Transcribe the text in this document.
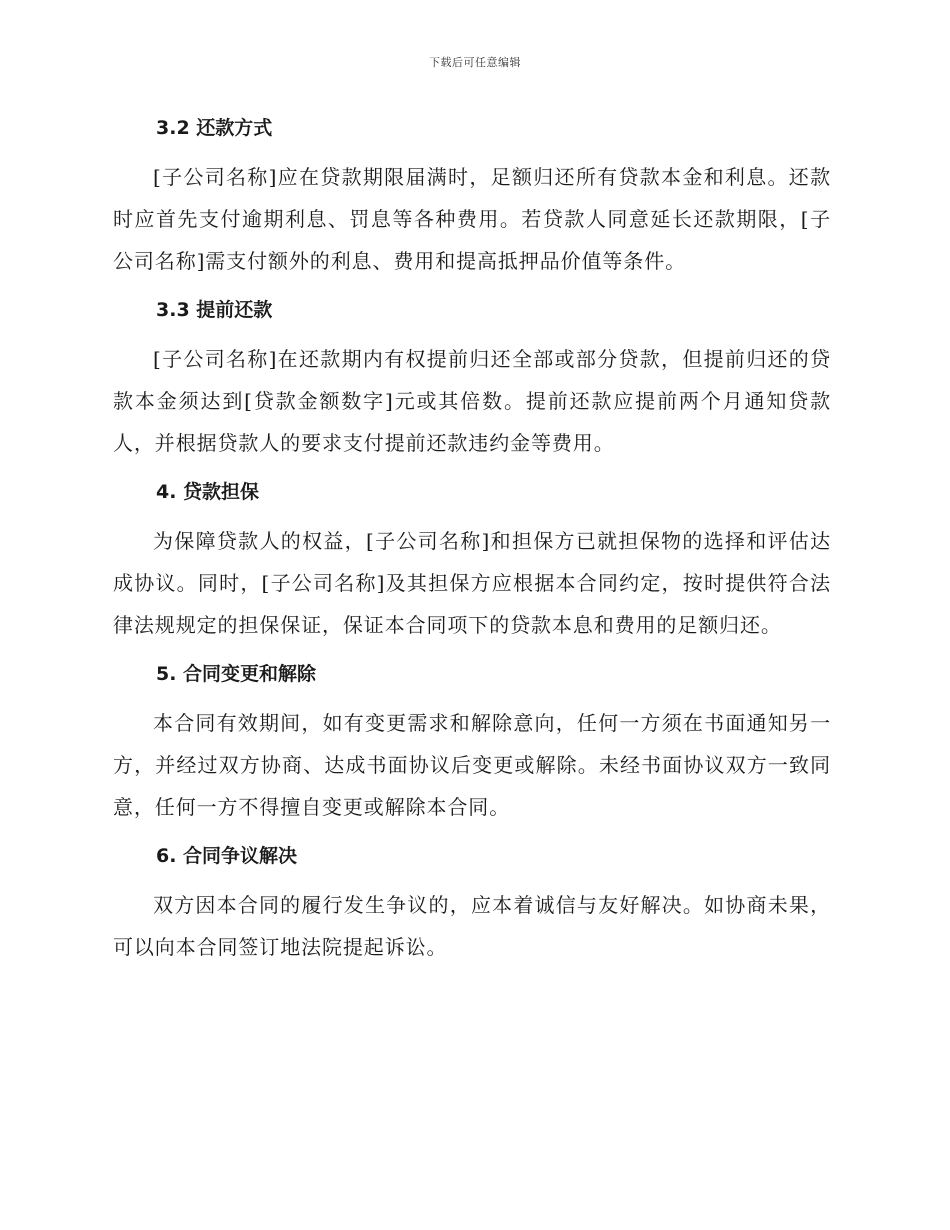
下载后可任意编辑
3.2 还款方式

[子公司名称]应在贷款期限届满时，足额归还所有贷款本金和利息。还款时应首先支付逾期利息、罚息等各种费用。若贷款人同意延长还款期限，[子公司名称]需支付额外的利息、费用和提高抵押品价值等条件。

3.3 提前还款

[子公司名称]在还款期内有权提前归还全部或部分贷款，但提前归还的贷款本金须达到[贷款金额数字]元或其倍数。提前还款应提前两个月通知贷款人，并根据贷款人的要求支付提前还款违约金等费用。

4. 贷款担保

为保障贷款人的权益，[子公司名称]和担保方已就担保物的选择和评估达成协议。同时，[子公司名称]及其担保方应根据本合同约定，按时提供符合法律法规规定的担保保证，保证本合同项下的贷款本息和费用的足额归还。

5. 合同变更和解除

本合同有效期间，如有变更需求和解除意向，任何一方须在书面通知另一方，并经过双方协商、达成书面协议后变更或解除。未经书面协议双方一致同意，任何一方不得擅自变更或解除本合同。

6. 合同争议解决

双方因本合同的履行发生争议的，应本着诚信与友好解决。如协商未果，可以向本合同签订地法院提起诉讼。
